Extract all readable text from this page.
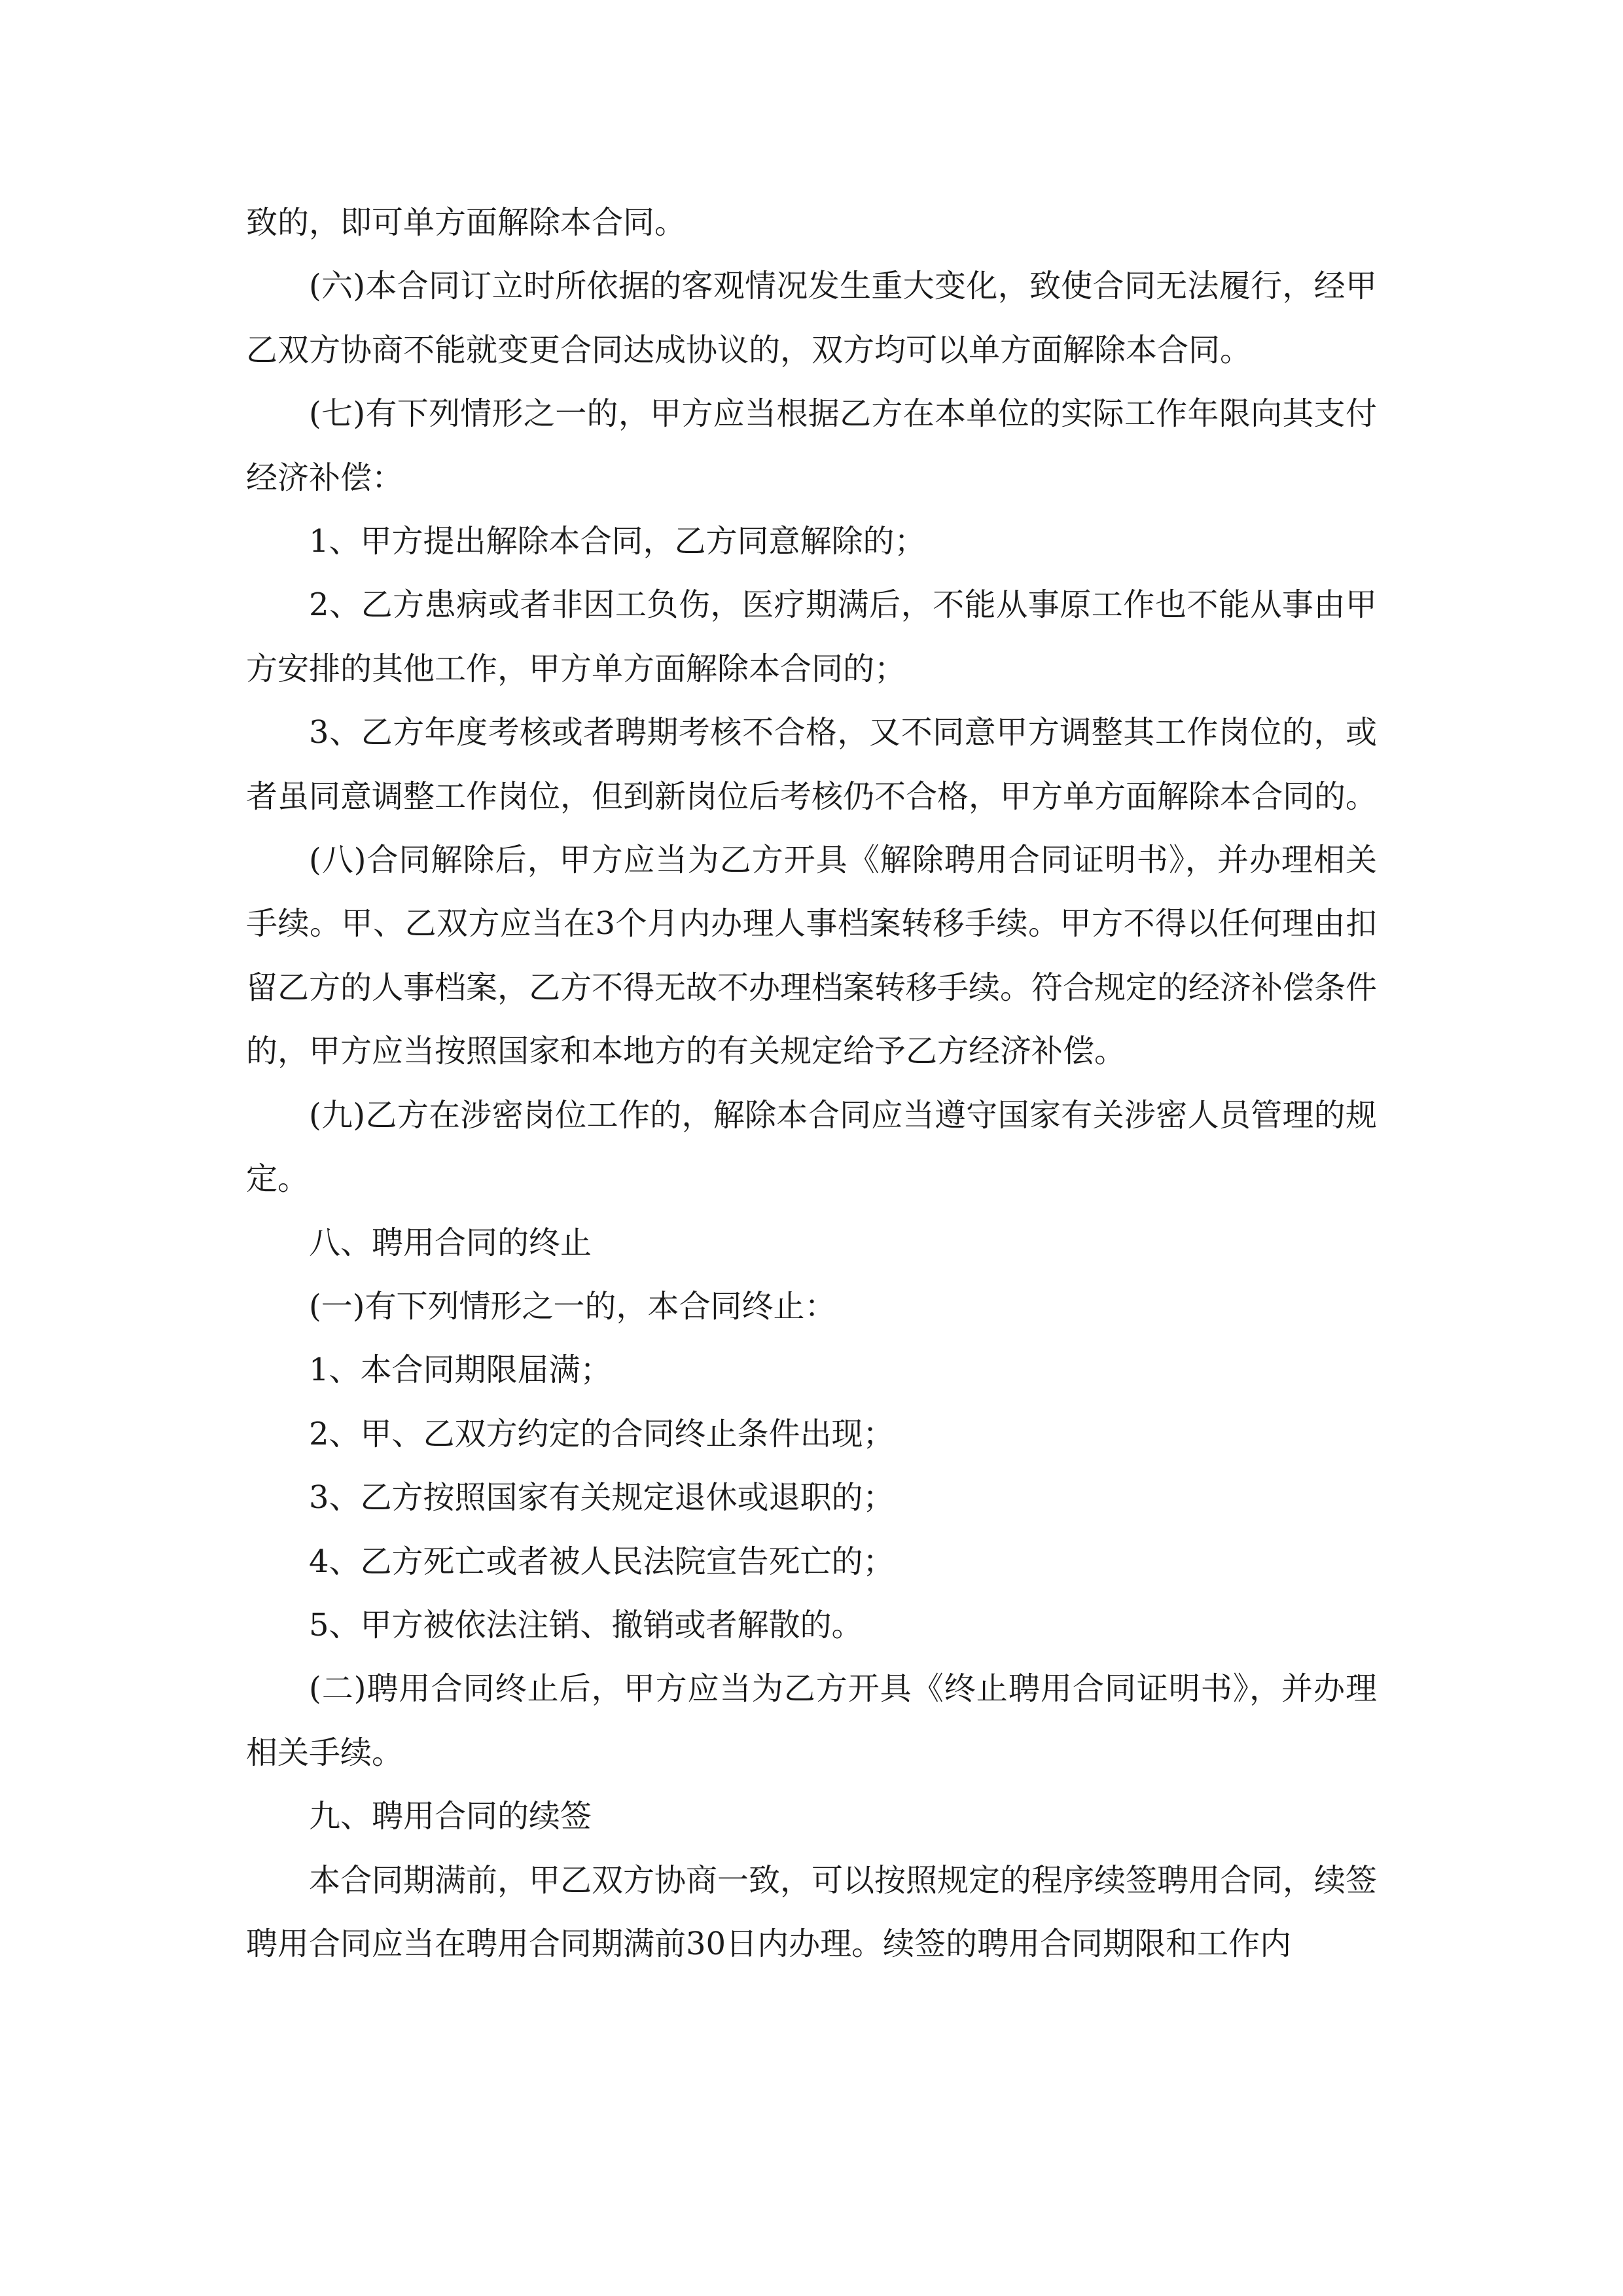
致的，即可单方面解除本合同。

(六)本合同订立时所依据的客观情况发生重大变化，致使合同无法履行，经甲乙双方协商不能就变更合同达成协议的，双方均可以单方面解除本合同。

(七)有下列情形之一的，甲方应当根据乙方在本单位的实际工作年限向其支付经济补偿：

1、甲方提出解除本合同，乙方同意解除的；

2、乙方患病或者非因工负伤，医疗期满后，不能从事原工作也不能从事由甲方安排的其他工作，甲方单方面解除本合同的；

3、乙方年度考核或者聘期考核不合格，又不同意甲方调整其工作岗位的，或者虽同意调整工作岗位，但到新岗位后考核仍不合格，甲方单方面解除本合同的。

(八)合同解除后，甲方应当为乙方开具《解除聘用合同证明书》，并办理相关手续。甲、乙双方应当在3个月内办理人事档案转移手续。甲方不得以任何理由扣留乙方的人事档案，乙方不得无故不办理档案转移手续。符合规定的经济补偿条件的，甲方应当按照国家和本地方的有关规定给予乙方经济补偿。

(九)乙方在涉密岗位工作的，解除本合同应当遵守国家有关涉密人员管理的规定。

八、聘用合同的终止

(一)有下列情形之一的，本合同终止：

1、本合同期限届满；

2、甲、乙双方约定的合同终止条件出现；

3、乙方按照国家有关规定退休或退职的；

4、乙方死亡或者被人民法院宣告死亡的；

5、甲方被依法注销、撤销或者解散的。

(二)聘用合同终止后，甲方应当为乙方开具《终止聘用合同证明书》，并办理相关手续。

九、聘用合同的续签

本合同期满前，甲乙双方协商一致，可以按照规定的程序续签聘用合同，续签聘用合同应当在聘用合同期满前30日内办理。续签的聘用合同期限和工作内
